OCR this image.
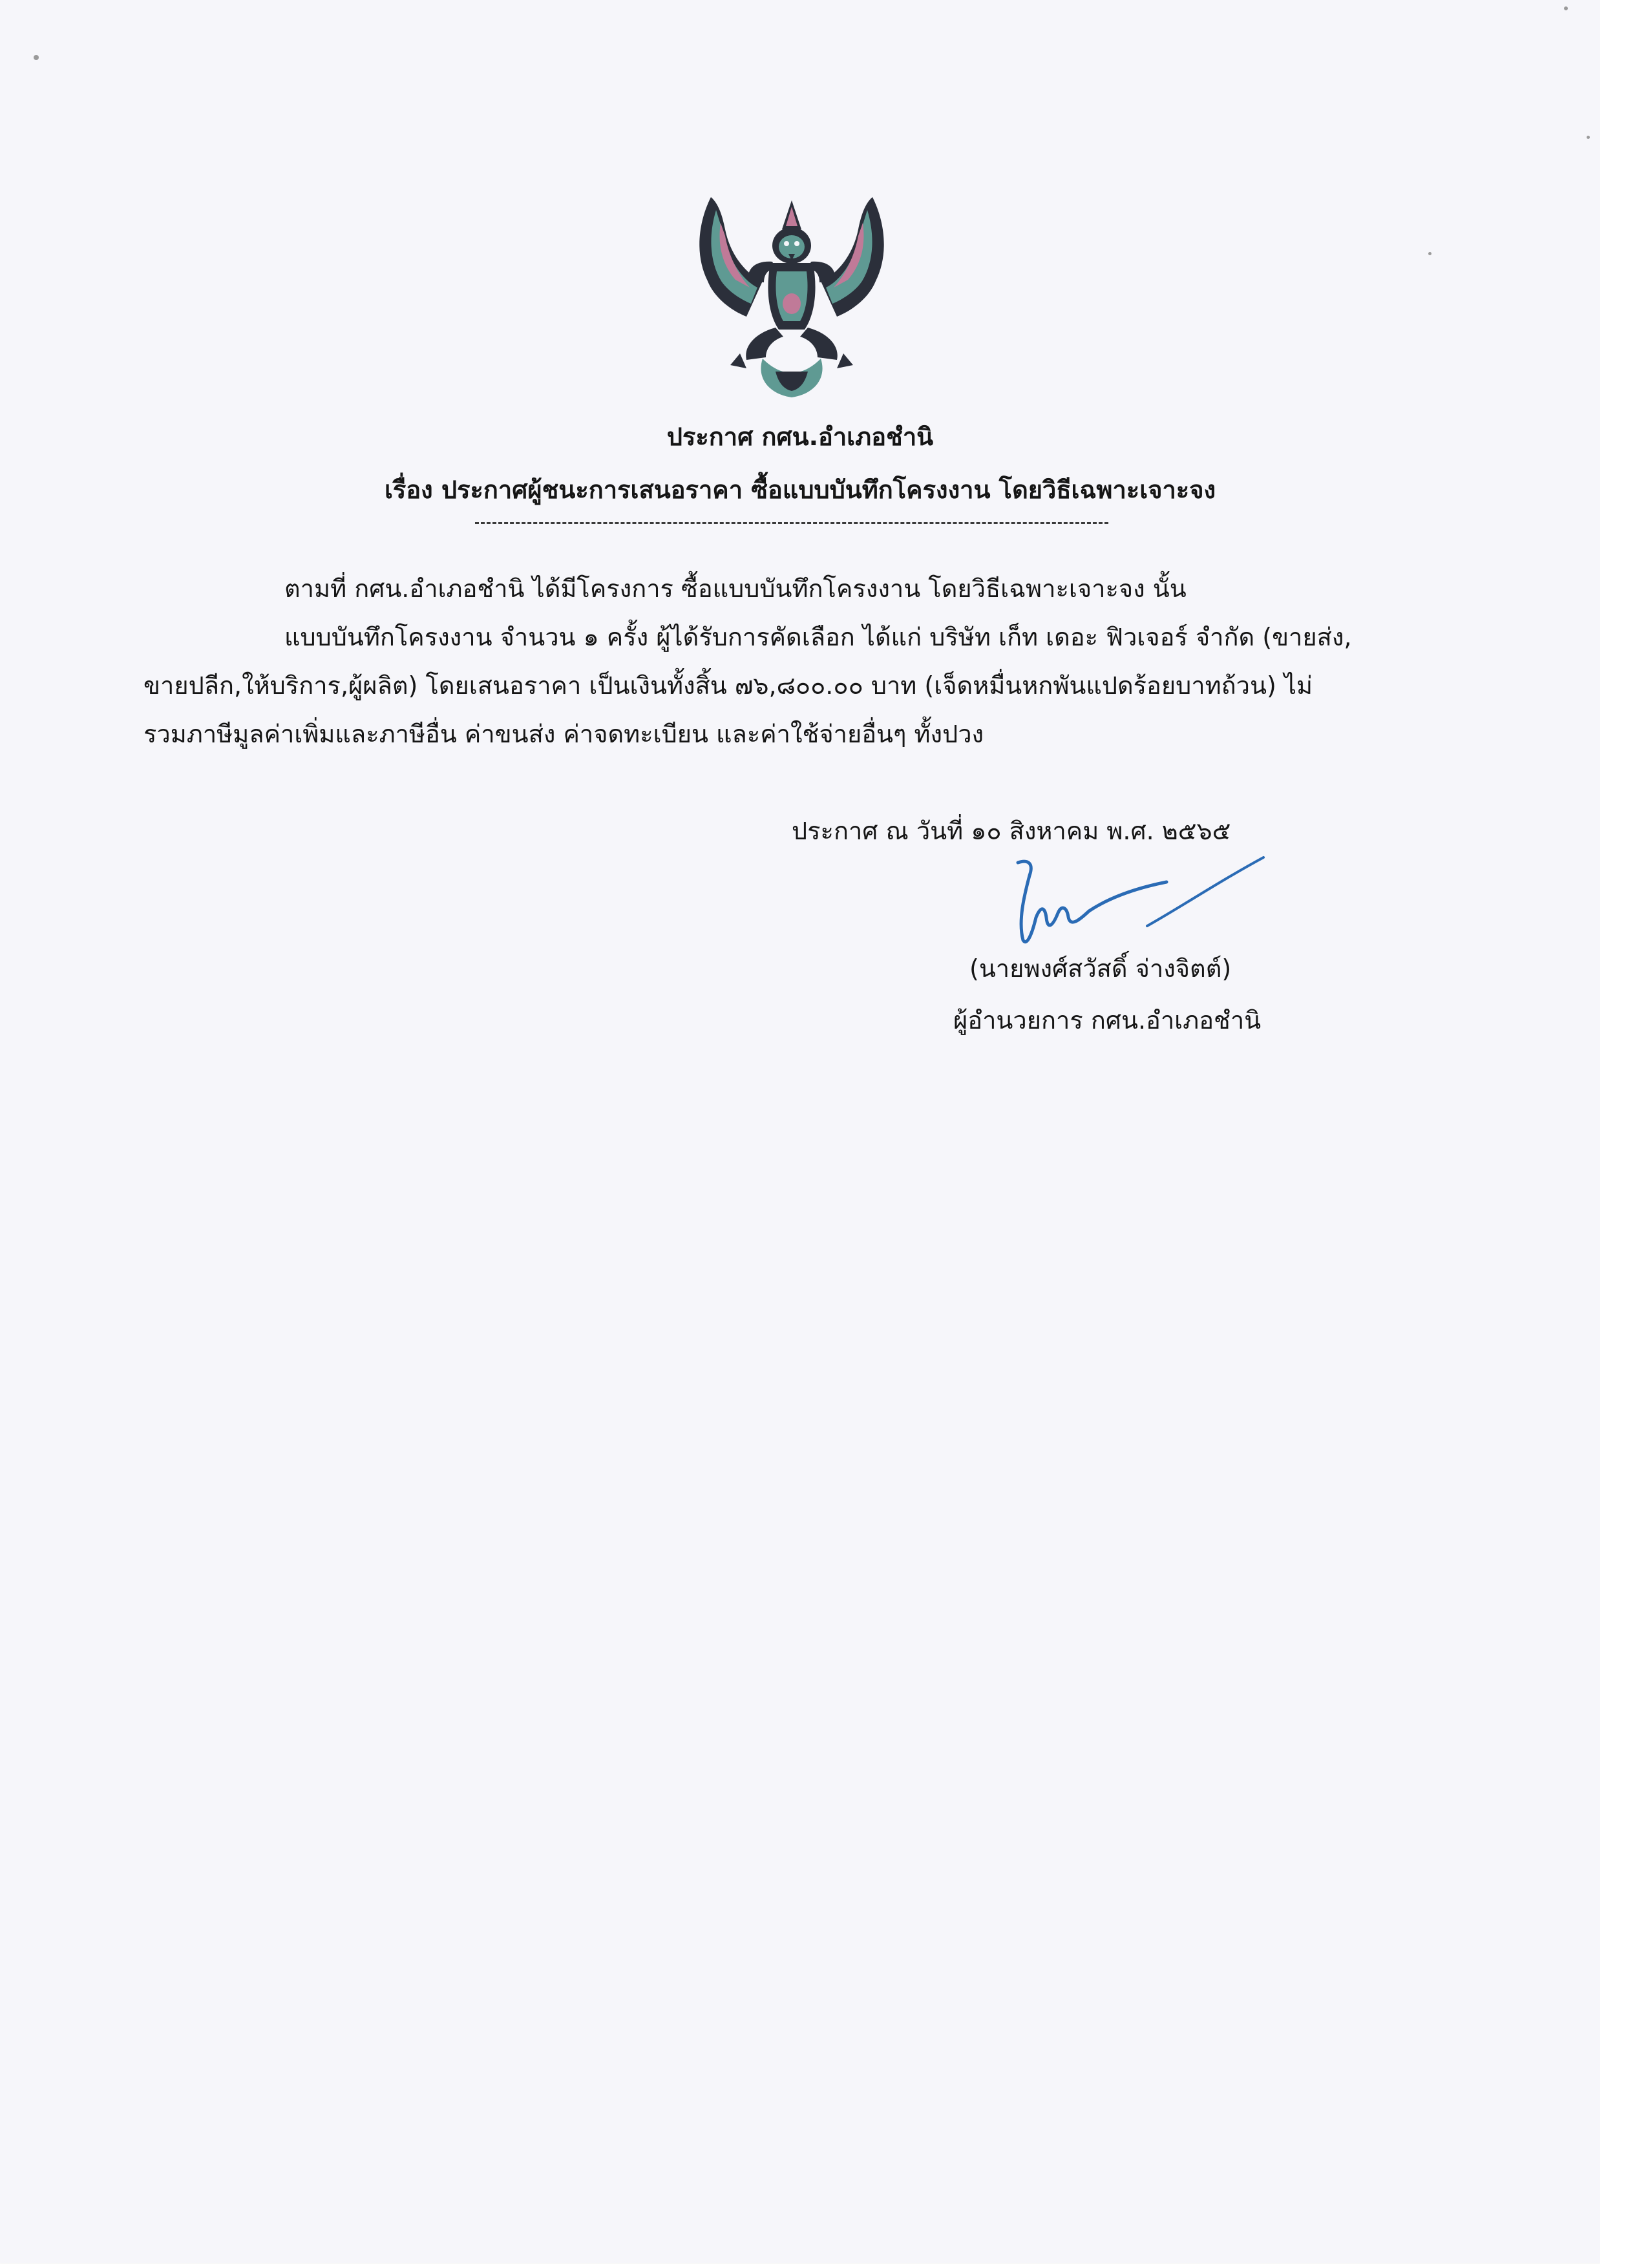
ประกาศ กศน.อำเภอชำนิ
เรื่อง ประกาศผู้ชนะการเสนอราคา ซื้อแบบบันทึกโครงงาน โดยวิธีเฉพาะเจาะจง
ตามที่ กศน.อำเภอชำนิ ได้มีโครงการ ซื้อแบบบันทึกโครงงาน โดยวิธีเฉพาะเจาะจง นั้น
แบบบันทึกโครงงาน จำนวน ๑ ครั้ง ผู้ได้รับการคัดเลือก ได้แก่ บริษัท เก็ท เดอะ ฟิวเจอร์ จำกัด (ขายส่ง,
ขายปลีก,ให้บริการ,ผู้ผลิต) โดยเสนอราคา เป็นเงินทั้งสิ้น ๗๖,๘๐๐.๐๐ บาท (เจ็ดหมื่นหกพันแปดร้อยบาทถ้วน) ไม่
รวมภาษีมูลค่าเพิ่มและภาษีอื่น ค่าขนส่ง ค่าจดทะเบียน และค่าใช้จ่ายอื่นๆ ทั้งปวง
ประกาศ ณ วันที่ ๑๐ สิงหาคม พ.ศ. ๒๕๖๕
(นายพงศ์สวัสดิ์ จ่างจิตต์)
ผู้อำนวยการ กศน.อำเภอชำนิ
